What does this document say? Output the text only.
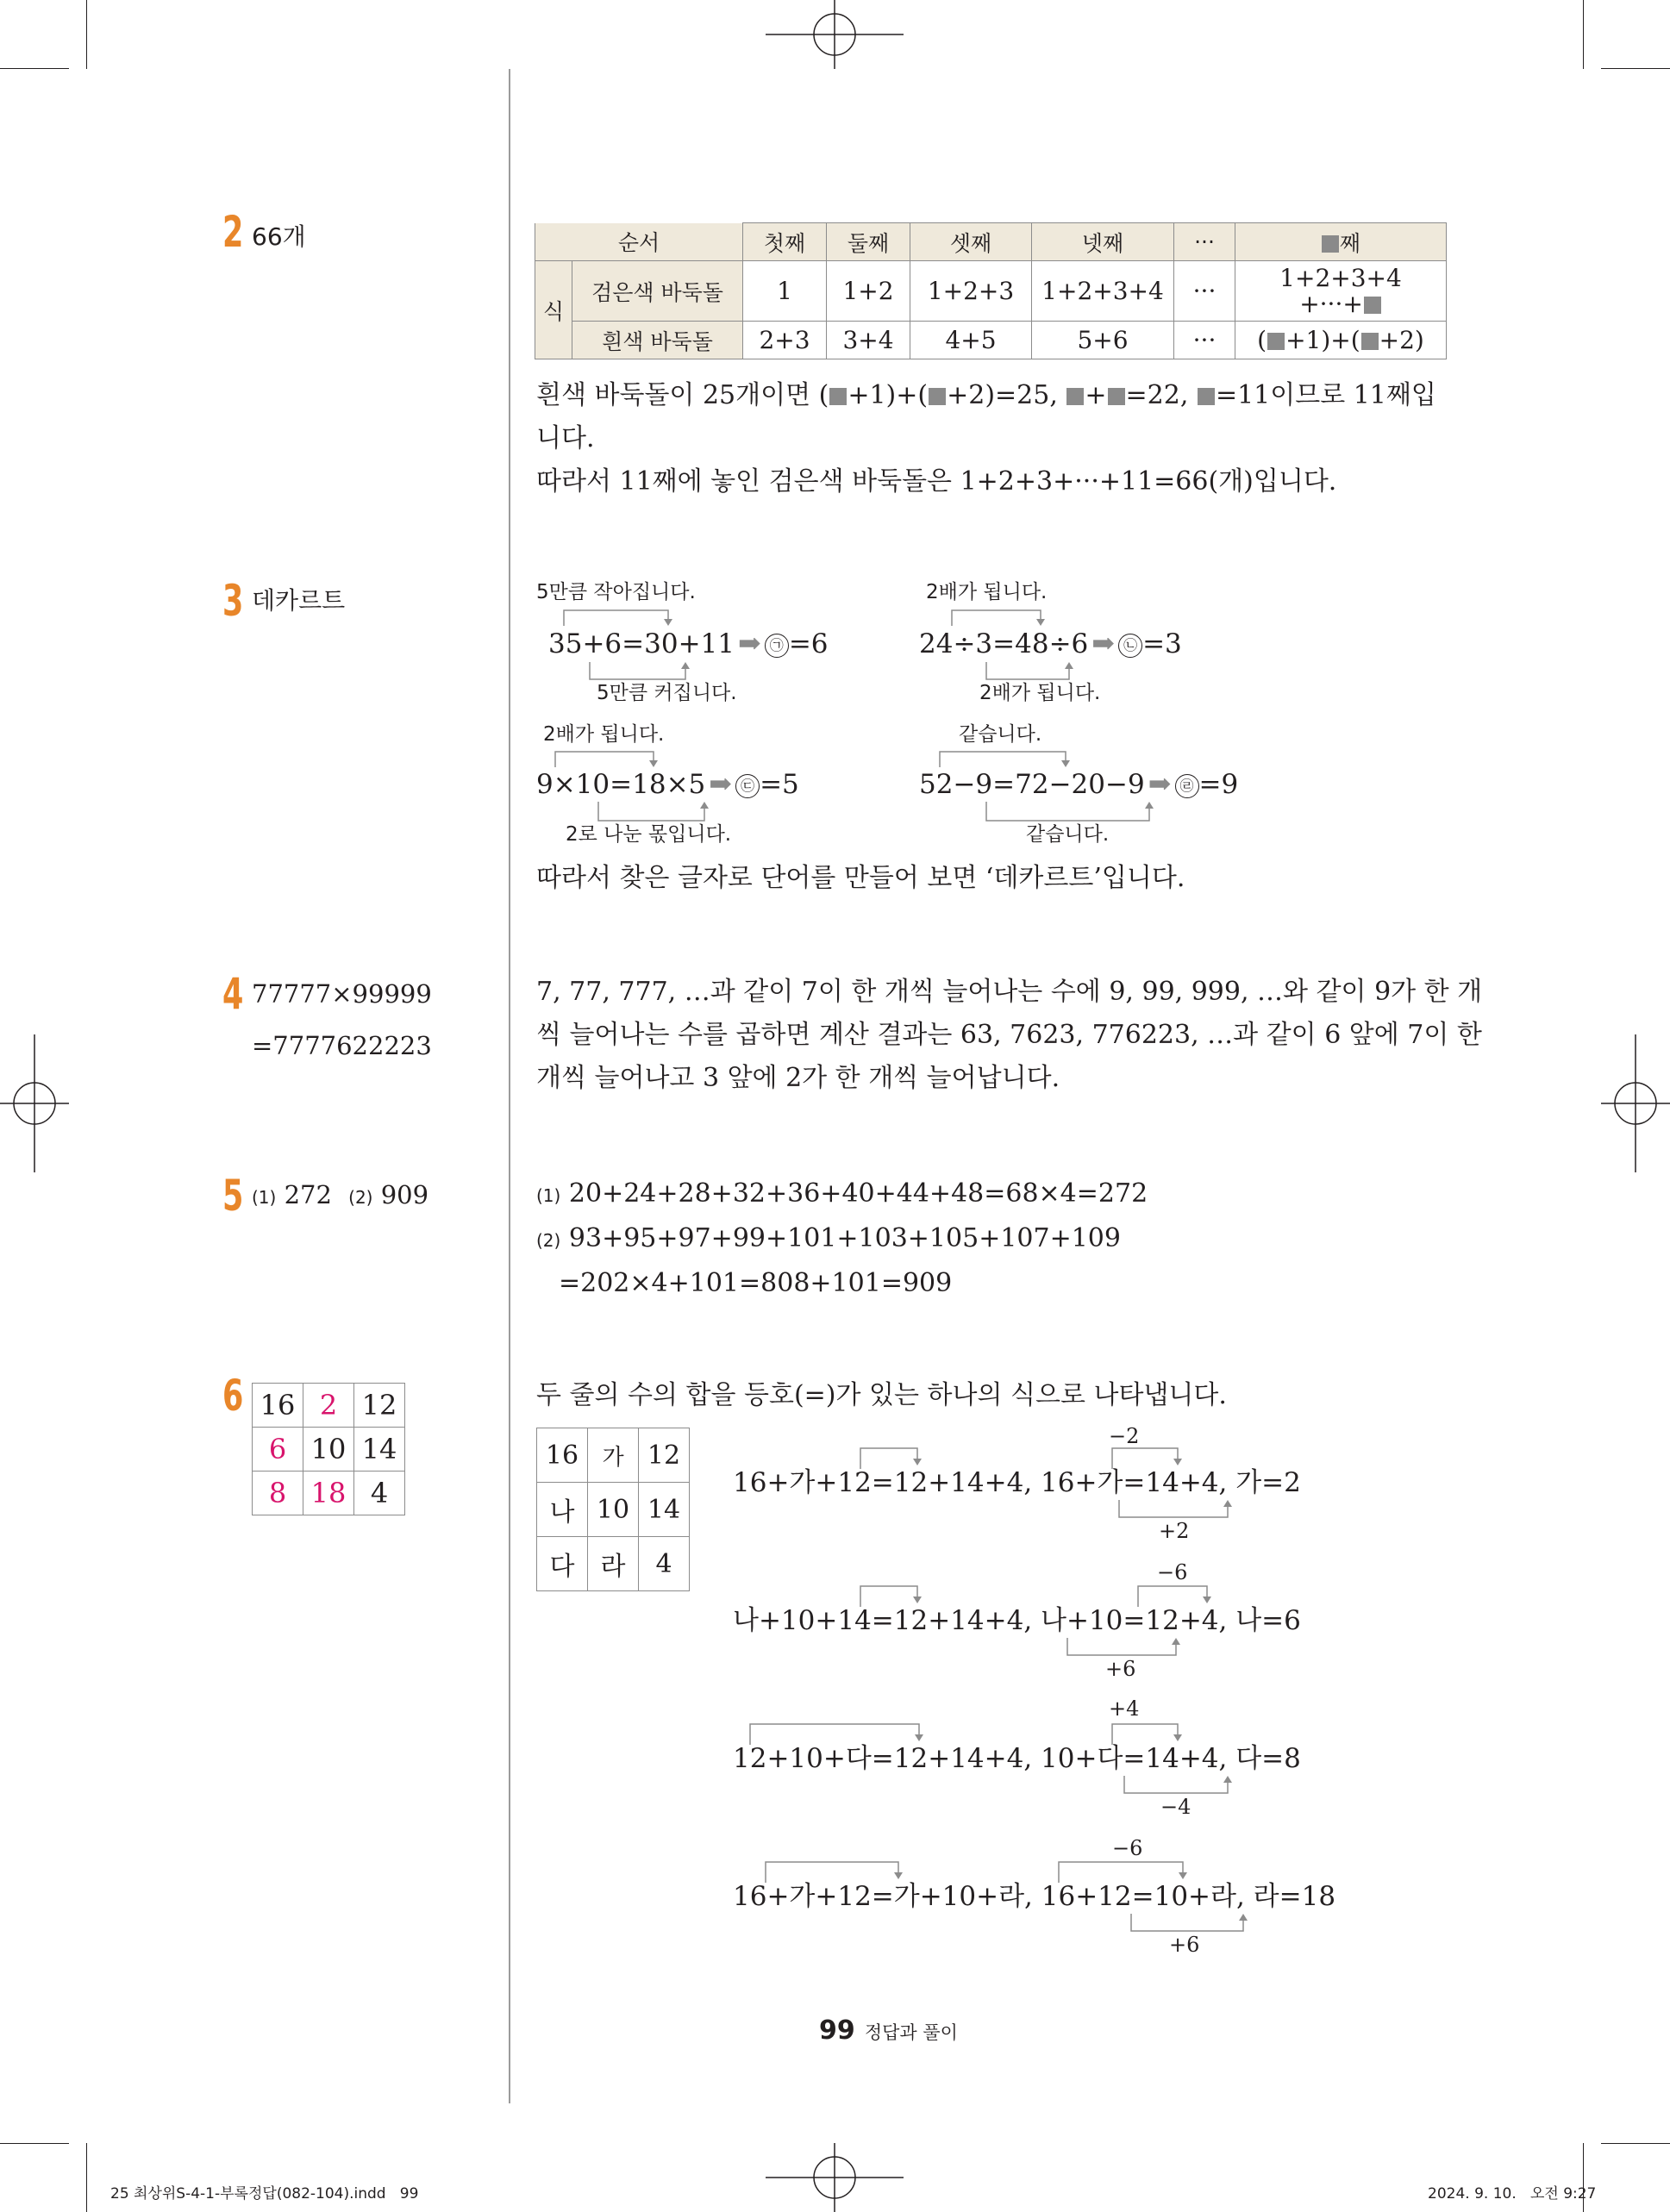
2 66개
3 데카르트
4 77777×99999
=7777622223
5 (1) 272 (2) 909
6 16	2	12
6	10	14
8	18	4
순서		첫째	둘째	셋째	넷째	···	째
식	검은색 바둑돌	1	1+2	1+2+3	1+2+3+4	···	1+2+3+4
+···+

	흰색 바둑돌	2+3	3+4	4+5	5+6	···	( +1)+( +2)

흰색 바둑돌이 25개이면 ( +1)+( +2)=25, + =22, =11이므로 11째입

니다.

따라서 11째에 놓인 검은색 바둑돌은 1+2+3+···+11=66(개)입니다.

5만큼 작아집니다.
35+6=30+11 ➡ ㉠ =6
5만큼 커집니다.
2배가 됩니다.
24÷3=48÷6 ➡ ㉡ =3
2배가 됩니다.
2배가 됩니다.
9×10=18×5 ➡ ㉢ =5
2로 나눈 몫입니다.
같습니다.
52−9=72−20−9 ➡ ㉣ =9
같습니다.
따라서 찾은 글자로 단어를 만들어 보면 ‘데카르트’입니다.

7, 77, 777, …과 같이 7이 한 개씩 늘어나는 수에 9, 99, 999, …와 같이 9가 한 개

씩 늘어나는 수를 곱하면 계산 결과는 63, 7623, 776223, …과 같이 6 앞에 7이 한

개씩 늘어나고 3 앞에 2가 한 개씩 늘어납니다.

(1) 20+24+28+32+36+40+44+48=68×4=272

(2) 93+95+97+99+101+103+105+107+109

=202×4+101=808+101=909

두 줄의 수의 합을 등호(=)가 있는 하나의 식으로 나타냅니다.
16	가	12
나	10	14
다	라	4
−2
16+가+12=12+14+4, 16+가=14+4, 가=2
+2
−6
나+10+14=12+14+4, 나+10=12+4, 나=6
+6
+4
12+10+다=12+14+4, 10+다=14+4, 다=8
−4
−6
16+가+12=가+10+라, 16+12=10+라, 라=18
+6
99 정답과 풀이
25 최상위S-4-1-부록정답(082-104).indd   99	2024. 9. 10.   오전 9:27
